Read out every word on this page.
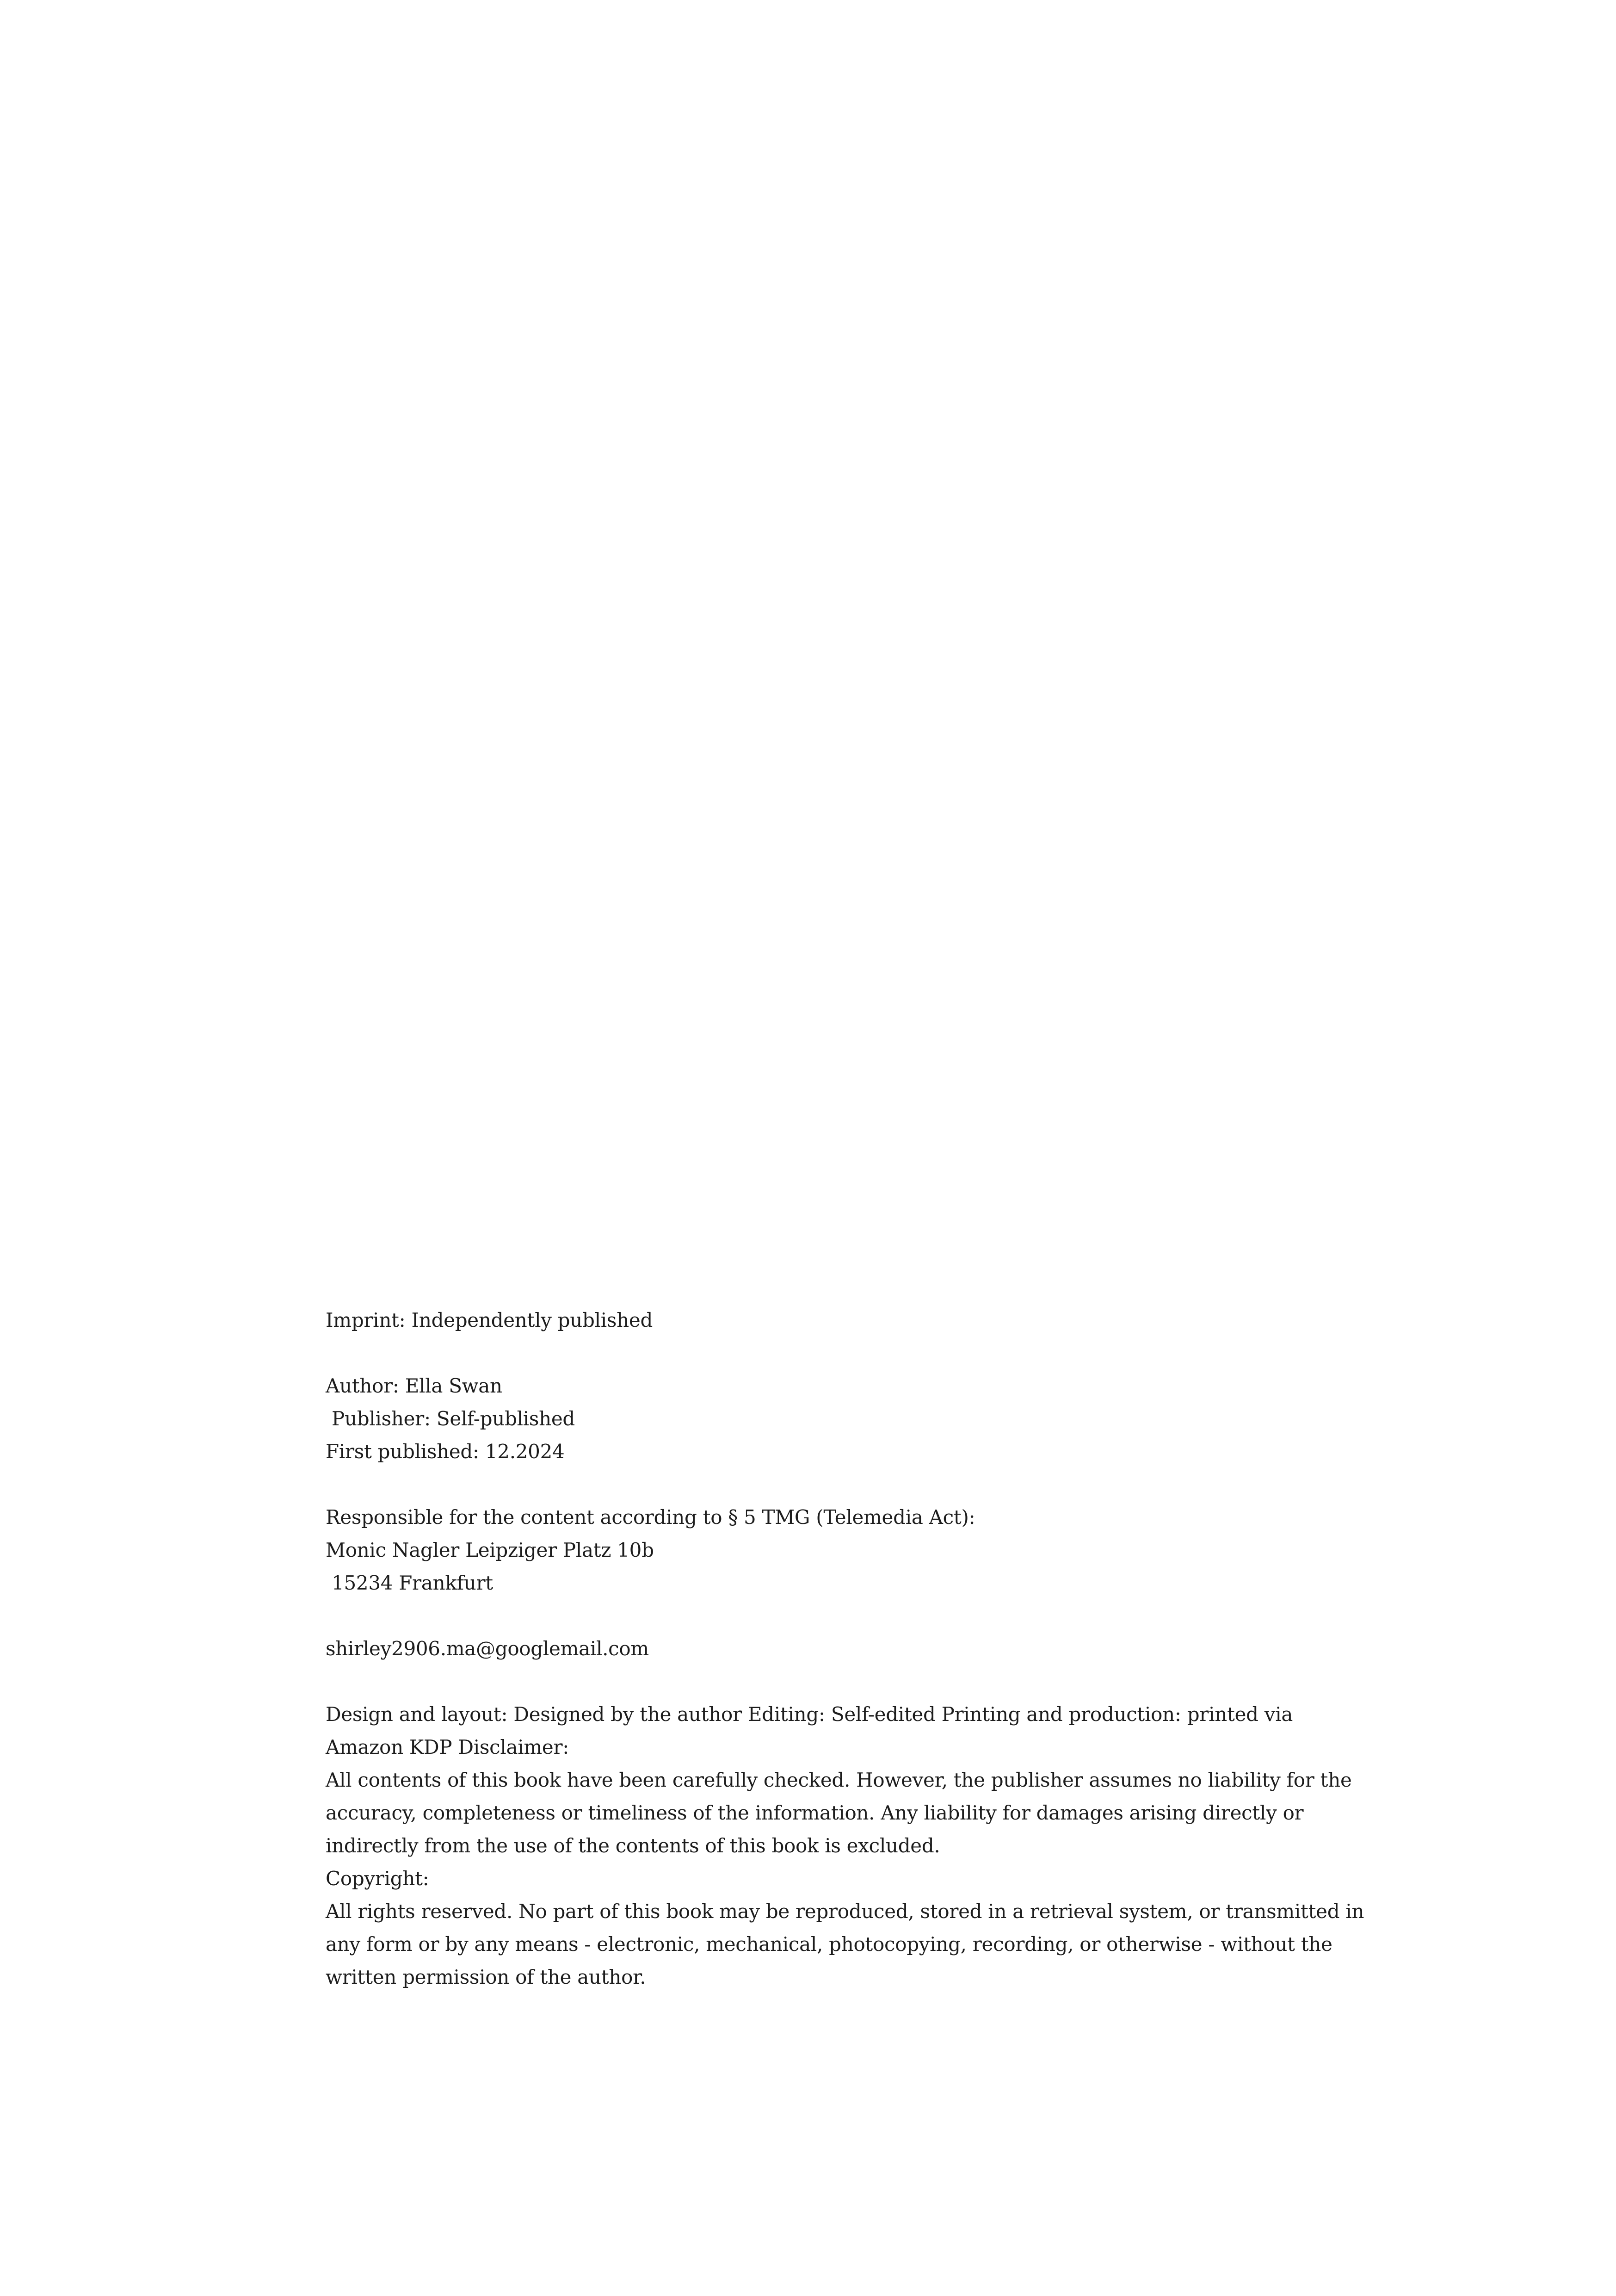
Imprint: Independently published
Author: Ella Swan
Publisher: Self-published
First published: 12.2024
Responsible for the content according to § 5 TMG (Telemedia Act):
Monic Nagler Leipziger Platz 10b
15234 Frankfurt
shirley2906.ma@googlemail.com
Design and layout: Designed by the author Editing: Self-edited Printing and production: printed via
Amazon KDP Disclaimer:
All contents of this book have been carefully checked. However, the publisher assumes no liability for the
accuracy, completeness or timeliness of the information. Any liability for damages arising directly or
indirectly from the use of the contents of this book is excluded.
Copyright:
All rights reserved. No part of this book may be reproduced, stored in a retrieval system, or transmitted in
any form or by any means - electronic, mechanical, photocopying, recording, or otherwise - without the
written permission of the author.
